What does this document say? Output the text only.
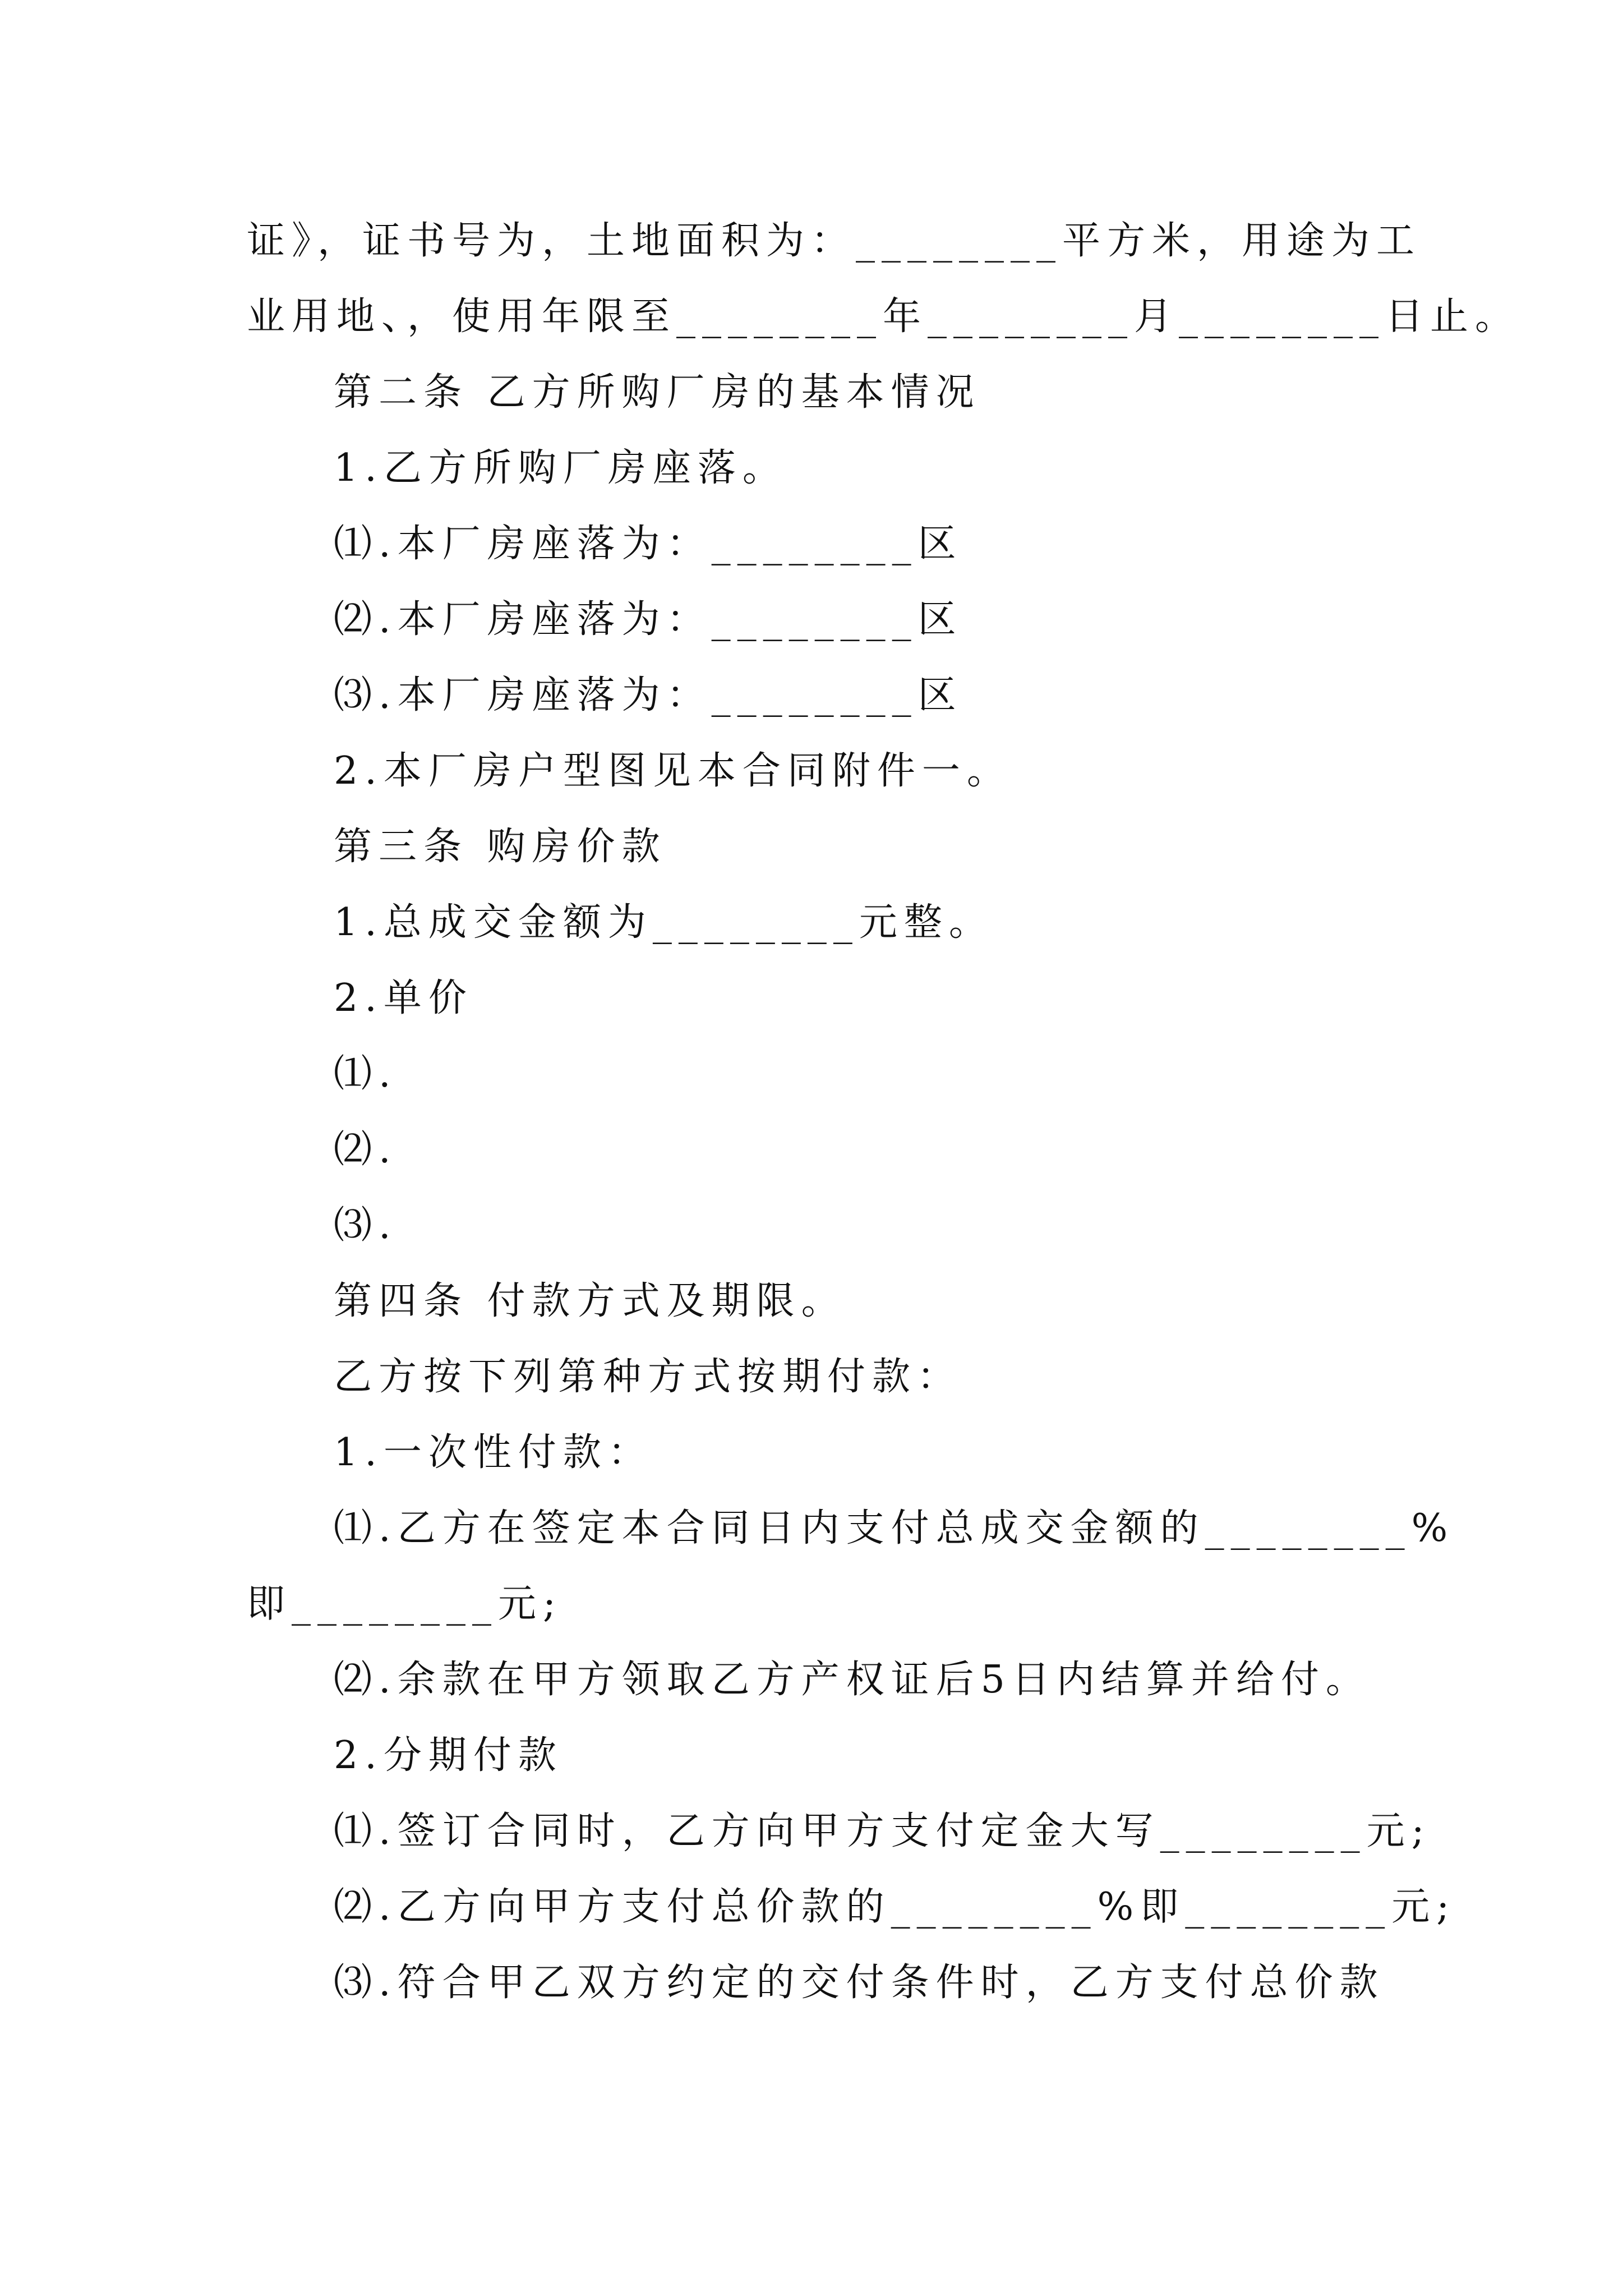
证》，证书号为，土地面积为：________平方米，用途为工
业用地、，使用年限至________年________月________日止。
第二条 乙方所购厂房的基本情况
1.乙方所购厂房座落。
⑴.本厂房座落为：________区
⑵.本厂房座落为：________区
⑶.本厂房座落为：________区
2.本厂房户型图见本合同附件一。
第三条 购房价款
1.总成交金额为________元整。
2.单价
⑴.
⑵.
⑶.
第四条 付款方式及期限。
乙方按下列第种方式按期付款：
1.一次性付款：
⑴.乙方在签定本合同日内支付总成交金额的________%
即________元;
⑵.余款在甲方领取乙方产权证后5日内结算并给付。
2.分期付款
⑴.签订合同时，乙方向甲方支付定金大写________元;
⑵.乙方向甲方支付总价款的________%即________元;
⑶.符合甲乙双方约定的交付条件时，乙方支付总价款
